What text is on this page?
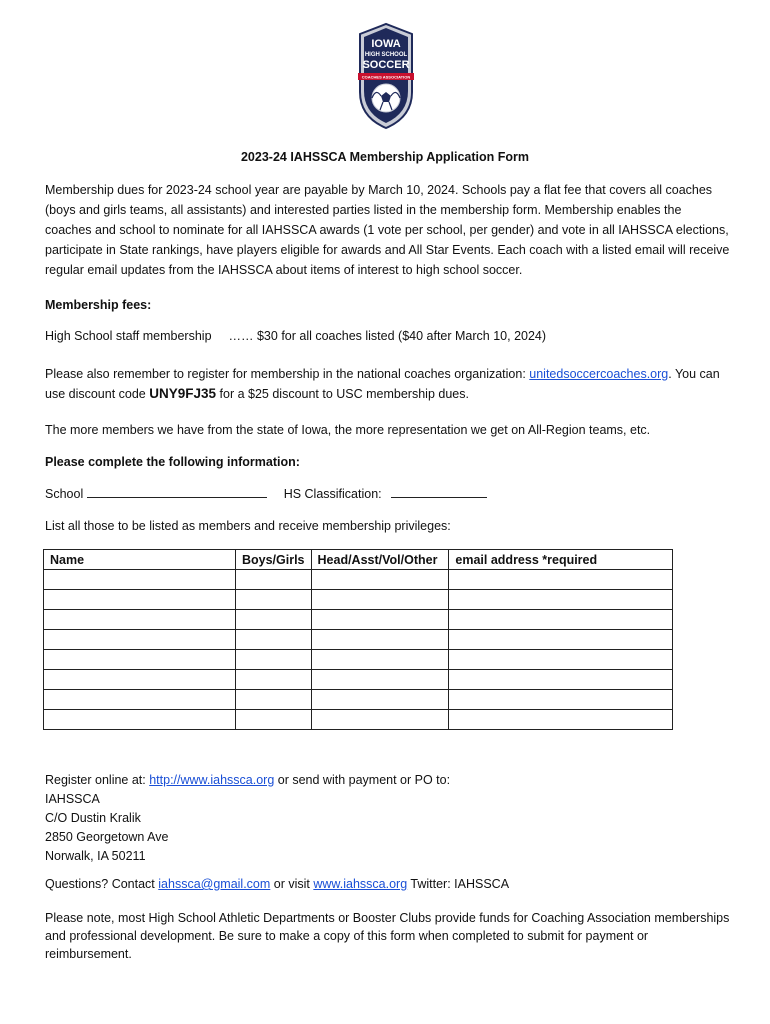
IOWA
HIGH SCHOOL
SOCCER
COACHES ASSOCIATION
2023-24 IAHSSCA Membership Application Form
Membership dues for 2023-24 school year are payable by March 10, 2024. Schools pay a flat fee that covers all coaches (boys and girls teams, all assistants) and interested parties listed in the membership form. Membership enables the coaches and school to nominate for all IAHSSCA awards (1 vote per school, per gender) and vote in all IAHSSCA elections, participate in State rankings, have players eligible for awards and All Star Events. Each coach with a listed email will receive regular email updates from the IAHSSCA about items of interest to high school soccer.
Membership fees:
High School staff membership …… $30 for all coaches listed ($40 after March 10, 2024)
Please also remember to register for membership in the national coaches organization: unitedsoccercoaches.org. You can use discount code UNY9FJ35 for a $25 discount to USC membership dues.
The more members we have from the state of Iowa, the more representation we get on All-Region teams, etc.
Please complete the following information:
School	HS Classification:
List all those to be listed as members and receive membership privileges:
Name	Boys/Girls	Head/Asst/Vol/Other	email address *required

Register online at: http://www.iahssca.org or send with payment or PO to:
IAHSSCA
C/O Dustin Kralik
2850 Georgetown Ave
Norwalk, IA 50211
Questions? Contact iahssca@gmail.com or visit www.iahssca.org Twitter: IAHSSCA
Please note, most High School Athletic Departments or Booster Clubs provide funds for Coaching Association memberships and professional development. Be sure to make a copy of this form when completed to submit for payment or reimbursement.
